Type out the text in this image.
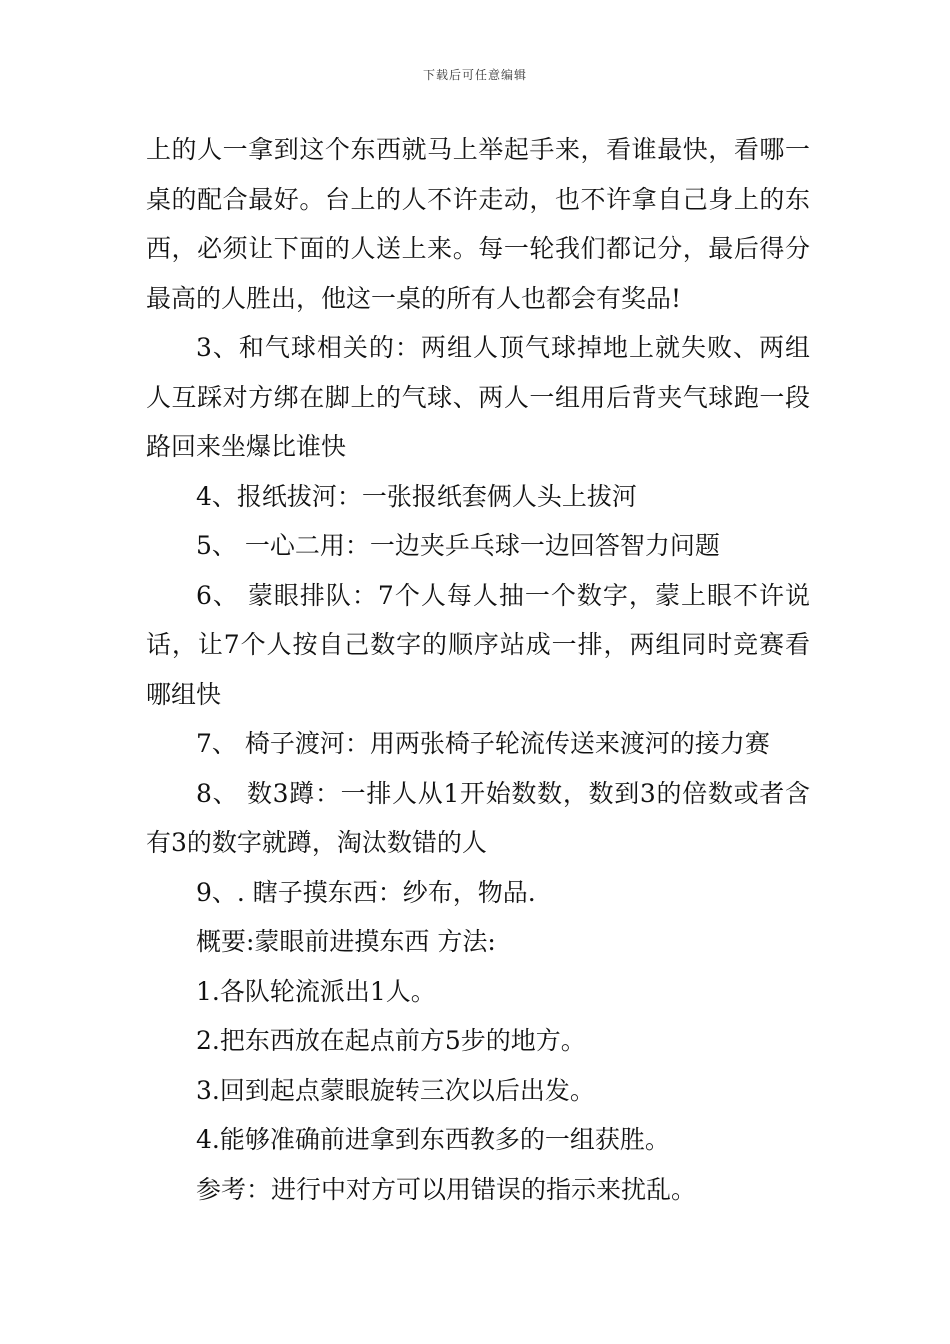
下载后可任意编辑

上的人一拿到这个东西就马上举起手来，看谁最快，看哪一桌的配合最好。台上的人不许走动，也不许拿自己身上的东西，必须让下面的人送上来。每一轮我们都记分，最后得分最高的人胜出，他这一桌的所有人也都会有奖品!

3、和气球相关的：两组人顶气球掉地上就失败、两组人互踩对方绑在脚上的气球、两人一组用后背夹气球跑一段路回来坐爆比谁快

4、报纸拔河：一张报纸套俩人头上拔河

5、 一心二用：一边夹乒乓球一边回答智力问题

6、 蒙眼排队：7个人每人抽一个数字，蒙上眼不许说话，让7个人按自己数字的顺序站成一排，两组同时竞赛看哪组快

7、 椅子渡河：用两张椅子轮流传送来渡河的接力赛

8、 数3蹲：一排人从1开始数数，数到3的倍数或者含有3的数字就蹲，淘汰数错的人

9、. 瞎子摸东西：纱布，物品.

概要:蒙眼前进摸东西 方法:

1.各队轮流派出1人。

2.把东西放在起点前方5步的地方。

3.回到起点蒙眼旋转三次以后出发。

4.能够准确前进拿到东西教多的一组获胜。

参考：进行中对方可以用错误的指示来扰乱。
